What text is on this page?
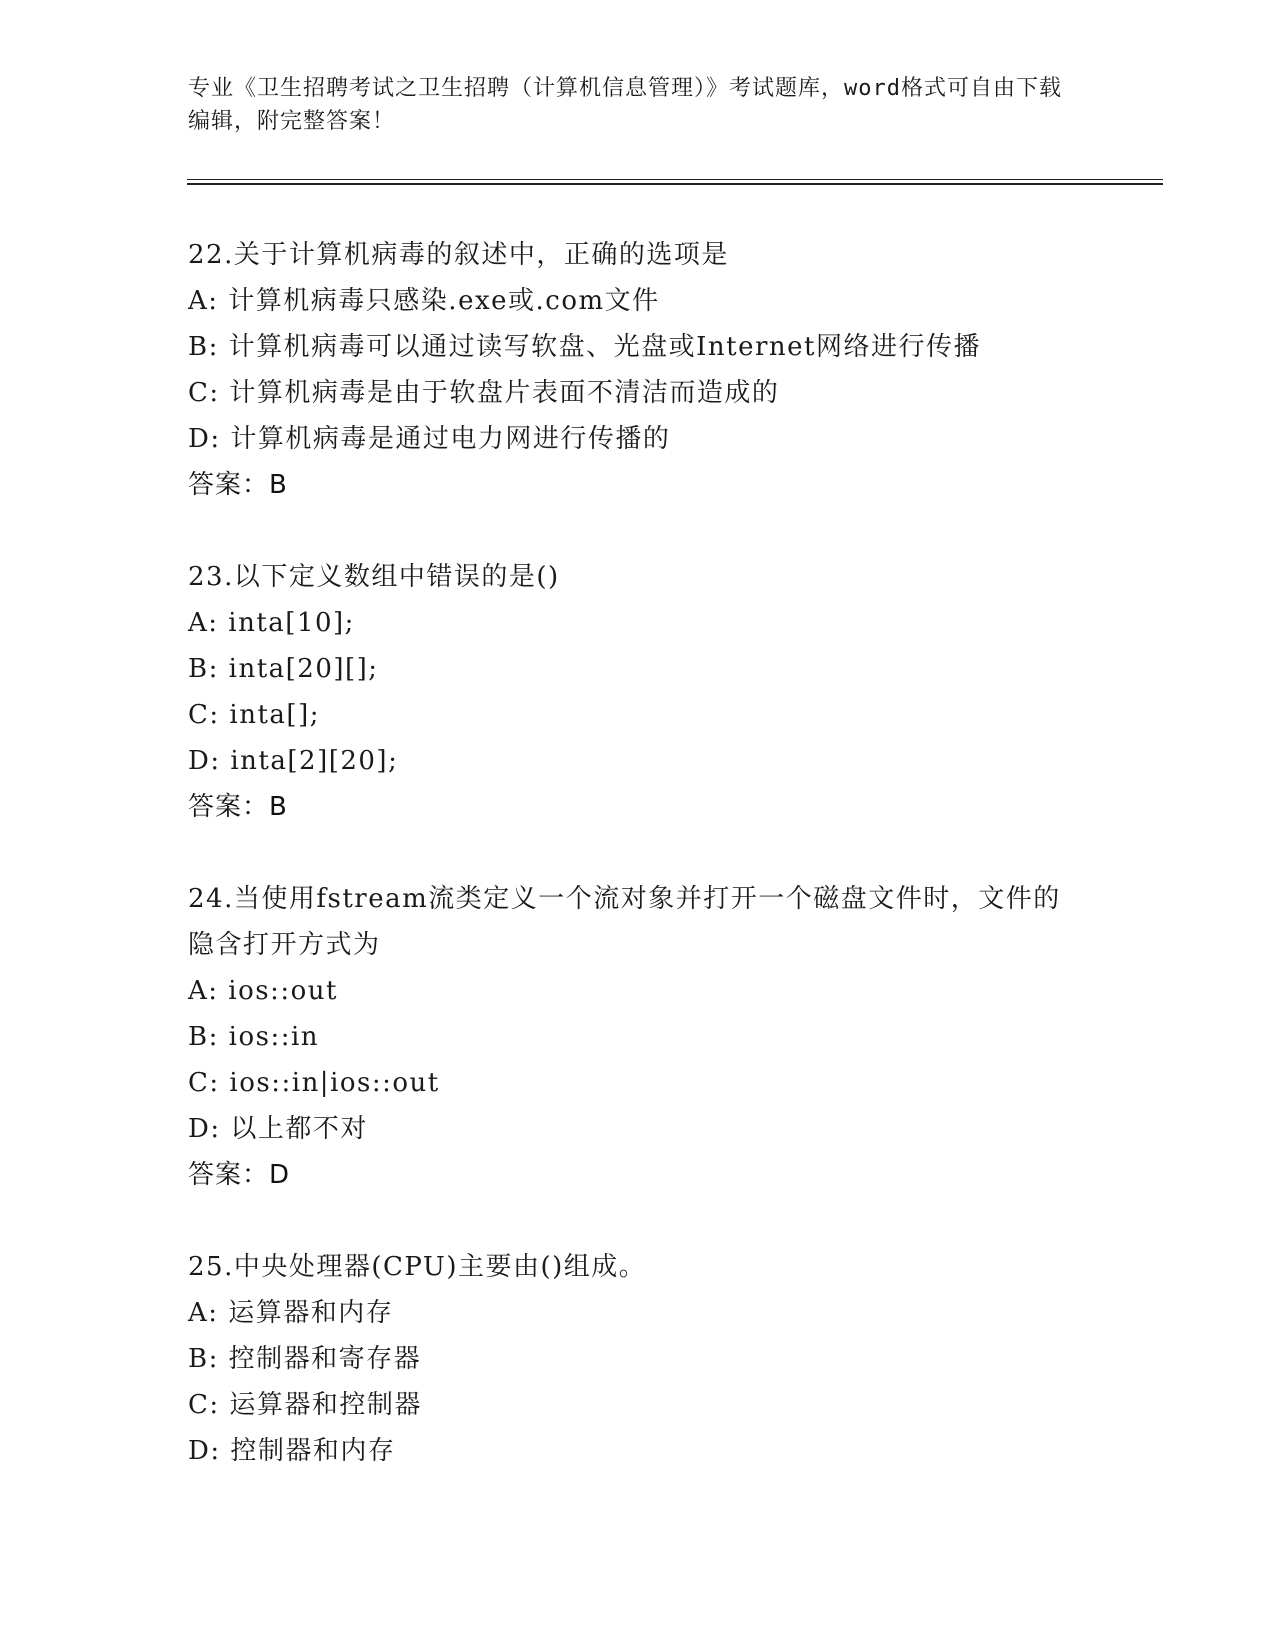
专业《卫生招聘考试之卫生招聘（计算机信息管理）》考试题库，word格式可自由下载编辑，附完整答案！
22.关于计算机病毒的叙述中，正确的选项是
A: 计算机病毒只感染.exe或.com文件
B: 计算机病毒可以通过读写软盘、光盘或Internet网络进行传播
C: 计算机病毒是由于软盘片表面不清洁而造成的
D: 计算机病毒是通过电力网进行传播的
答案：B
23.以下定义数组中错误的是()
A: inta[10];
B: inta[20][];
C: inta[];
D: inta[2][20];
答案：B
24.当使用fstream流类定义一个流对象并打开一个磁盘文件时，文件的隐含打开方式为
A: ios::out
B: ios::in
C: ios::in|ios::out
D: 以上都不对
答案：D
25.中央处理器(CPU)主要由()组成。
A: 运算器和内存
B: 控制器和寄存器
C: 运算器和控制器
D: 控制器和内存
